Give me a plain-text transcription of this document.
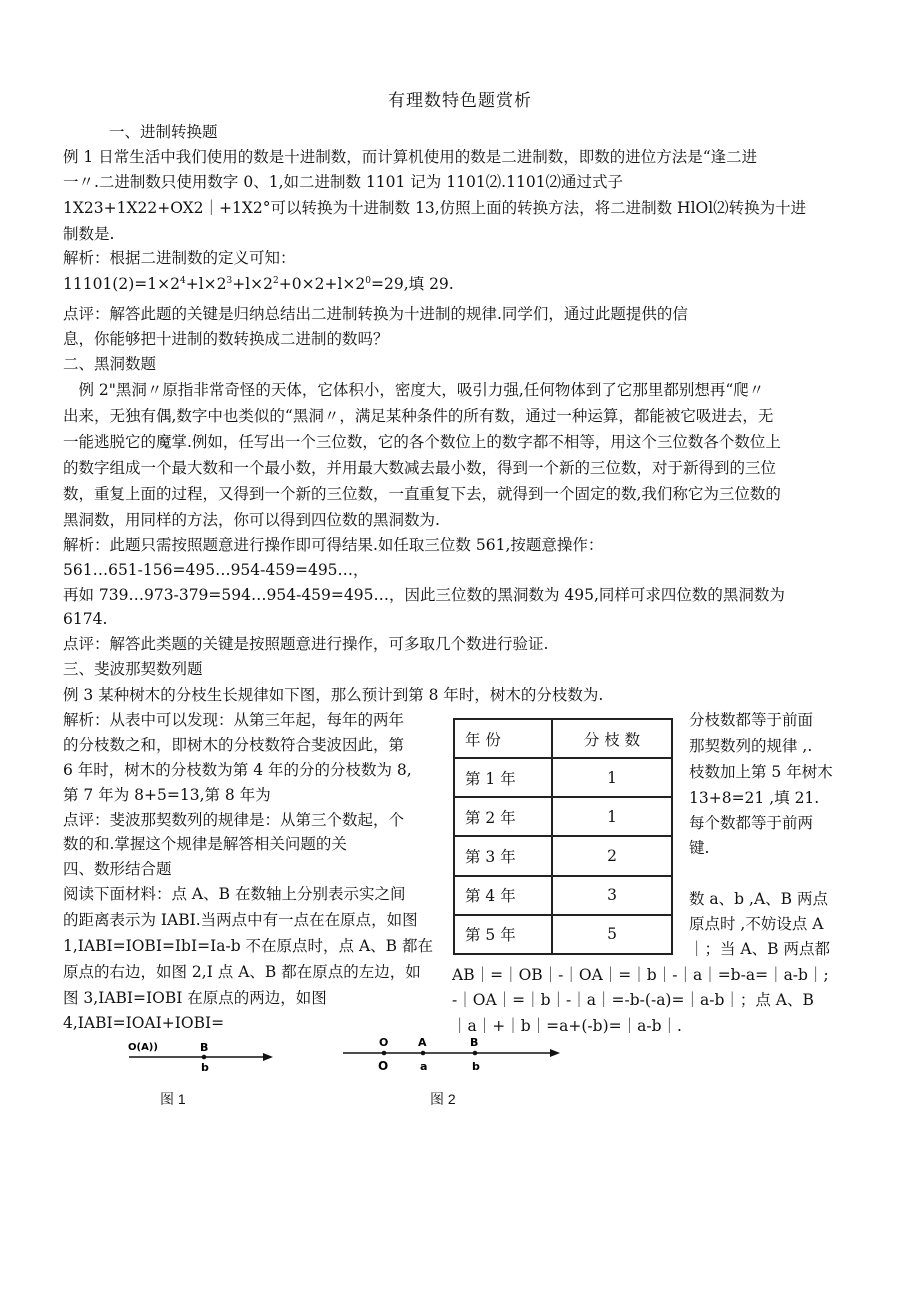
有理数特色题赏析
一、进制转换题
例 1 日常生活中我们使用的数是十进制数，而计算机使用的数是二进制数，即数的进位方法是“逢二进
一〃.二进制数只使用数字 0、1,如二进制数 1101 记为 1101⑵.1101⑵通过式子
1X23+1X22+OX2｜+1X2°可以转换为十进制数 13,仿照上面的转换方法，将二进制数 HlOl⑵转换为十进
制数是.
解析：根据二进制数的定义可知：
$11101(2)=1\times 2^4+l\times 2^3+l\times 2^2+0\times 2+l\times 2^0=29$,填 29.
点评：解答此题的关键是归纳总结出二进制转换为十进制的规律.同学们，通过此题提供的信
息，你能够把十进制的数转换成二进制的数吗？
二、黑洞数题
　例 2"黑洞〃原指非常奇怪的天体，它体积小，密度大，吸引力强,任何物体到了它那里都别想再“爬〃
出来，无独有偶,数字中也类似的“黑洞〃，满足某种条件的所有数，通过一种运算，都能被它吸进去，无
一能逃脱它的魔掌.例如，任写出一个三位数，它的各个数位上的数字都不相等，用这个三位数各个数位上
的数字组成一个最大数和一个最小数，并用最大数减去最小数，得到一个新的三位数，对于新得到的三位
数，重复上面的过程，又得到一个新的三位数，一直重复下去，就得到一个固定的数,我们称它为三位数的
黑洞数，用同样的方法，你可以得到四位数的黑洞数为.
解析：此题只需按照题意进行操作即可得结果.如任取三位数 561,按题意操作：
561…651-156=495…954-459=495…，
再如 739…973-379=594…954-459=495…，因此三位数的黑洞数为 495,同样可求四位数的黑洞数为
6174.
点评：解答此类题的关键是按照题意进行操作，可多取几个数进行验证.
三、斐波那契数列题
例 3 某种树木的分枝生长规律如下图，那么预计到第 8 年时，树木的分枝数为.
解析：从表中可以发现：从第三年起，每年的两年
的分枝数之和，即树木的分枝数符合斐波因此，第
6 年时，树木的分枝数为第 4 年的分的分枝数为 8,
第 7 年为 8+5=13,第 8 年为
点评：斐波那契数列的规律是：从第三个数起，个
数的和.掌握这个规律是解答相关问题的关
年 份	分 枝 数
第 1 年	1
第 2 年	1
第 3 年	2
第 4 年	3
第 5 年	5
分枝数都等于前面
那契数列的规律 ,.
枝数加上第 5 年树木
13+8=21 ,填 21.
每个数都等于前两
键.
四、数形结合题
阅读下面材料：点 A、B 在数轴上分别表示实之间
的距离表示为 IABI.当两点中有一点在在原点，如图
1,IABI=IOBI=IbI=Ia-b 不在原点时，点 A、B 都在
原点的右边，如图 2,I 点 A、B 都在原点的左边，如
图 3,IABI=IOBI 在原点的两边，如图
4,IABI=IOAI+IOBI=
数 a、b ,A、B 两点
原点时 ,不妨设点 A
｜；当 A、B 两点都
AB｜=｜OB｜-｜OA｜=｜b｜-｜a｜=b-a=｜a-b｜;
-｜OA｜=｜b｜-｜a｜=-b-(-a)=｜a-b｜；点 A、B
｜a｜+｜b｜=a+(-b)=｜a-b｜.
O(A))	B
b
图 1
O
O
A
a
B
b
图 2
